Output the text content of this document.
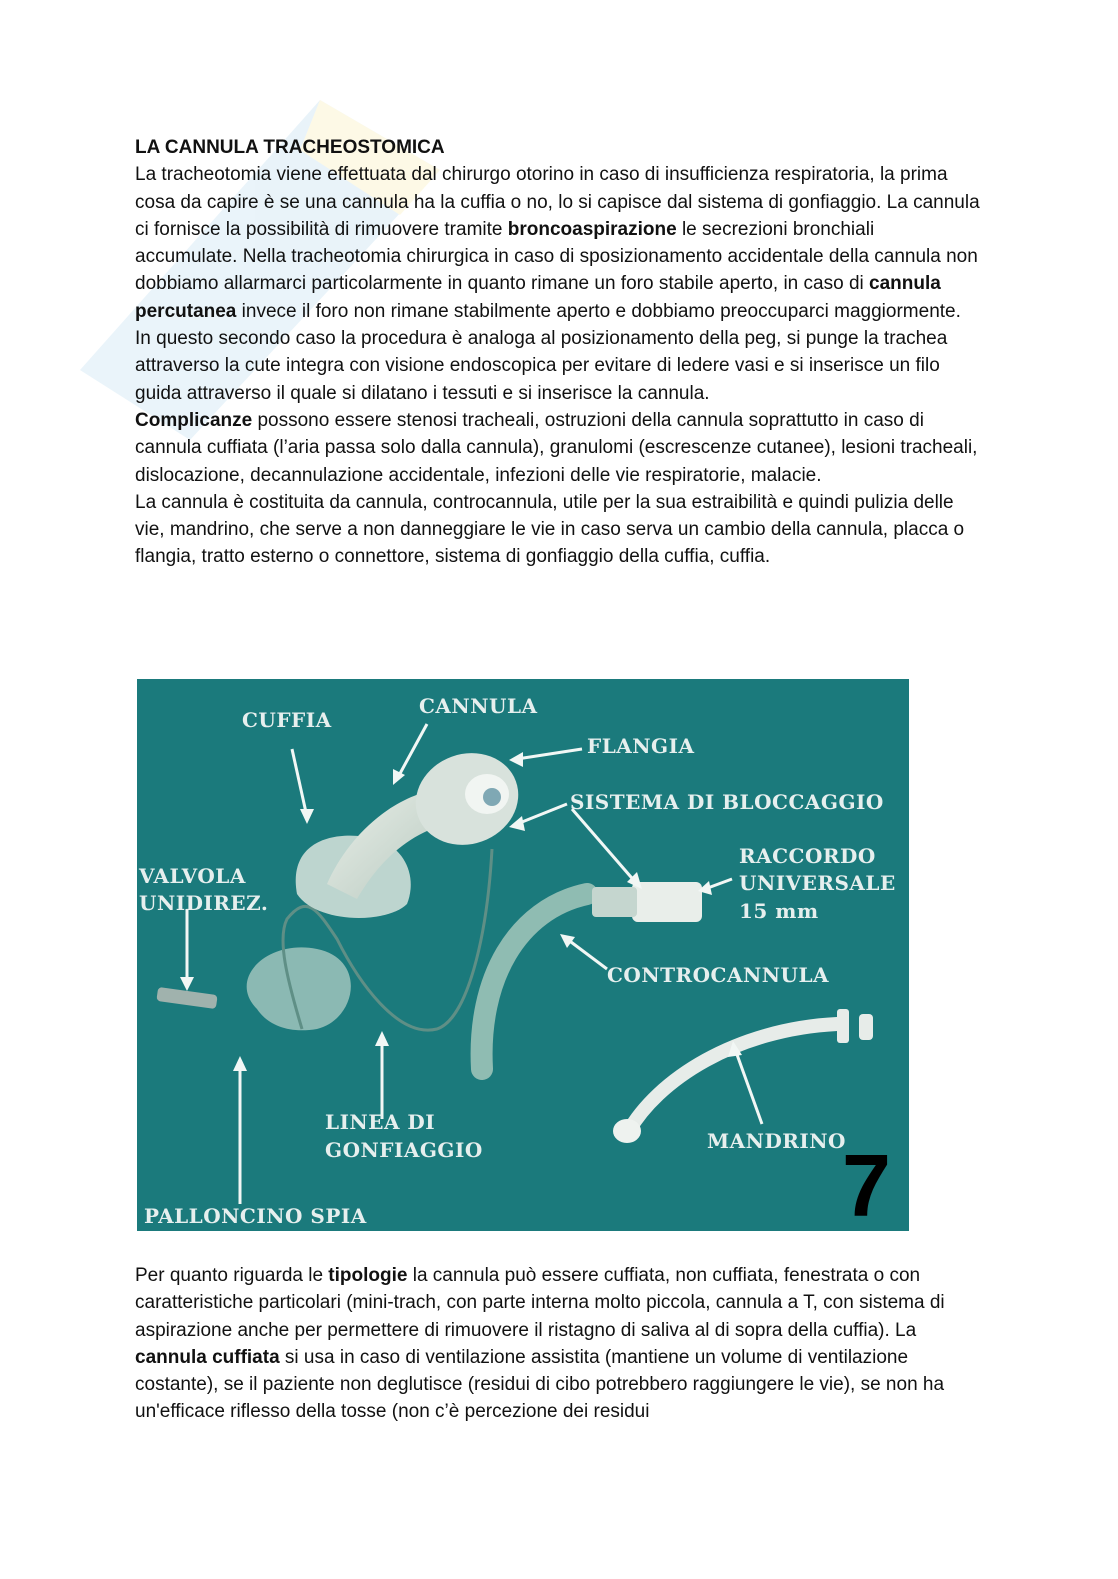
LA CANNULA TRACHEOSTOMICA

La tracheotomia viene effettuata dal chirurgo otorino in caso di insufficienza respiratoria, la prima cosa da capire è se una cannula ha la cuffia o no, lo si capisce dal sistema di gonfiaggio. La cannula ci fornisce la possibilità di rimuovere tramite broncoaspirazione le secrezioni bronchiali accumulate. Nella tracheotomia chirurgica in caso di sposizionamento accidentale della cannula non dobbiamo allarmarci particolarmente in quanto rimane un foro stabile aperto, in caso di cannula percutanea invece il foro non rimane stabilmente aperto e dobbiamo preoccuparci maggiormente. In questo secondo caso la procedura è analoga al posizionamento della peg, si punge la trachea attraverso la cute integra con visione endoscopica per evitare di ledere vasi e si inserisce un filo guida attraverso il quale si dilatano i tessuti e si inserisce la cannula.

Complicanze possono essere stenosi tracheali, ostruzioni della cannula soprattutto in caso di cannula cuffiata (l’aria passa solo dalla cannula), granulomi (escrescenze cutanee), lesioni tracheali, dislocazione, decannulazione accidentale, infezioni delle vie respiratorie, malacie.

La cannula è costituita da cannula, controcannula, utile per la sua estraibilità e quindi pulizia delle vie, mandrino, che serve a non danneggiare le vie in caso serva un cambio della cannula, placca o flangia, tratto esterno o connettore, sistema di gonfiaggio della cuffia, cuffia.

CUFFIA
CANNULA
FLANGIA
SISTEMA DI BLOCCAGGIO
RACCORDO
UNIVERSALE
15 mm
VALVOLA
UNIDIREZ.
CONTROCANNULA
LINEA DI
GONFIAGGIO	MANDRINO
PALLONCINO SPIA	7

Per quanto riguarda le tipologie la cannula può essere cuffiata, non cuffiata, fenestrata o con caratteristiche particolari (mini-trach, con parte interna molto piccola, cannula a T, con sistema di aspirazione anche per permettere di rimuovere il ristagno di saliva al di sopra della cuffia). La cannula cuffiata si usa in caso di ventilazione assistita (mantiene un volume di ventilazione costante), se il paziente non deglutisce (residui di cibo potrebbero raggiungere le vie), se non ha un'efficace riflesso della tosse (non c’è percezione dei residui
